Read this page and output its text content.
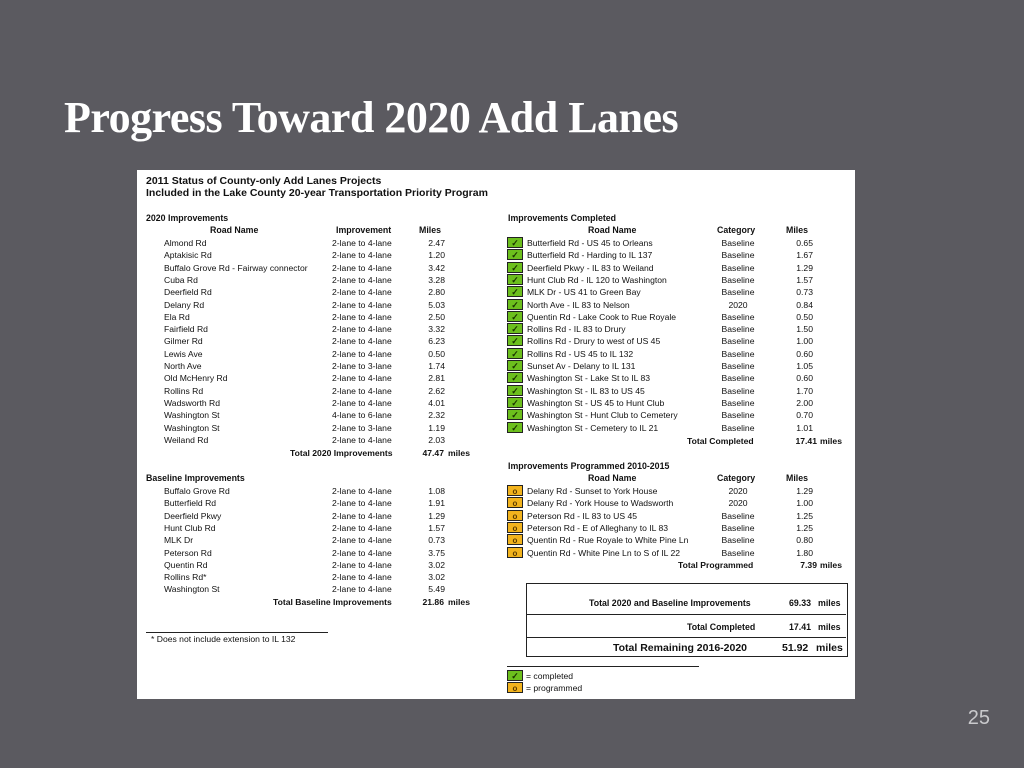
Progress Toward 2020 Add Lanes
2011 Status of County-only Add Lanes Projects
Included in the Lake County 20-year Transportation Priority Program
2020 Improvements
Road Name	Improvement	Miles
Almond Rd	2-lane to 4-lane	2.47
Aptakisic Rd	2-lane to 4-lane	1.20
Buffalo Grove Rd - Fairway connector	2-lane to 4-lane	3.42
Cuba Rd	2-lane to 4-lane	3.28
Deerfield Rd	2-lane to 4-lane	2.80
Delany Rd	2-lane to 4-lane	5.03
Ela Rd	2-lane to 4-lane	2.50
Fairfield Rd	2-lane to 4-lane	3.32
Gilmer Rd	2-lane to 4-lane	6.23
Lewis Ave	2-lane to 4-lane	0.50
North Ave	2-lane to 3-lane	1.74
Old McHenry Rd	2-lane to 4-lane	2.81
Rollins Rd	2-lane to 4-lane	2.62
Wadsworth Rd	2-lane to 4-lane	4.01
Washington St	4-lane to 6-lane	2.32
Washington St	2-lane to 3-lane	1.19
Weiland Rd	2-lane to 4-lane	2.03
Total 2020 Improvements	47.47 miles
Baseline Improvements
Buffalo Grove Rd	2-lane to 4-lane	1.08
Butterfield Rd	2-lane to 4-lane	1.91
Deerfield Pkwy	2-lane to 4-lane	1.29
Hunt Club Rd	2-lane to 4-lane	1.57
MLK Dr	2-lane to 4-lane	0.73
Peterson Rd	2-lane to 4-lane	3.75
Quentin Rd	2-lane to 4-lane	3.02
Rollins Rd*	2-lane to 4-lane	3.02
Washington St	2-lane to 4-lane	5.49
Total Baseline Improvements	21.86 miles
* Does not include extension to IL 132
Improvements Completed
Road Name	Category	Miles
✓ Butterfield Rd - US 45 to Orleans	Baseline	0.65
✓ Butterfield Rd - Harding to IL 137	Baseline	1.67
✓ Deerfield Pkwy - IL 83 to Weiland	Baseline	1.29
✓ Hunt Club Rd - IL 120 to Washington	Baseline	1.57
✓ MLK Dr - US 41 to Green Bay	Baseline	0.73
✓ North Ave - IL 83 to Nelson	2020	0.84
✓ Quentin Rd - Lake Cook to Rue Royale	Baseline	0.50
✓ Rollins Rd - IL 83 to Drury	Baseline	1.50
✓ Rollins Rd - Drury to west of US 45	Baseline	1.00
✓ Rollins Rd - US 45 to IL 132	Baseline	0.60
✓ Sunset Av - Delany to IL 131	Baseline	1.05
✓ Washington St - Lake St to IL 83	Baseline	0.60
✓ Washington St - IL 83 to US 45	Baseline	1.70
✓ Washington St - US 45 to Hunt Club	Baseline	2.00
✓ Washington St - Hunt Club to Cemetery	Baseline	0.70
✓ Washington St - Cemetery to IL 21	Baseline	1.01
Total Completed	17.41 miles
Improvements Programmed 2010-2015
Road Name	Category	Miles
o	Delany Rd - Sunset to York House	2020	1.29
o	Delany Rd - York House to Wadsworth	2020	1.00
o	Peterson Rd - IL 83 to US 45	Baseline	1.25
o	Peterson Rd - E of Alleghany to IL 83	Baseline	1.25
o	Quentin Rd - Rue Royale to White Pine Ln	Baseline	0.80
o	Quentin Rd - White Pine Ln to S of IL 22	Baseline	1.80
Total Programmed	7.39 miles
Total 2020 and Baseline Improvements	69.33 miles
Total Completed	17.41 miles
Total Remaining 2016-2020	51.92 miles
✓ = completed
o = programmed
25
